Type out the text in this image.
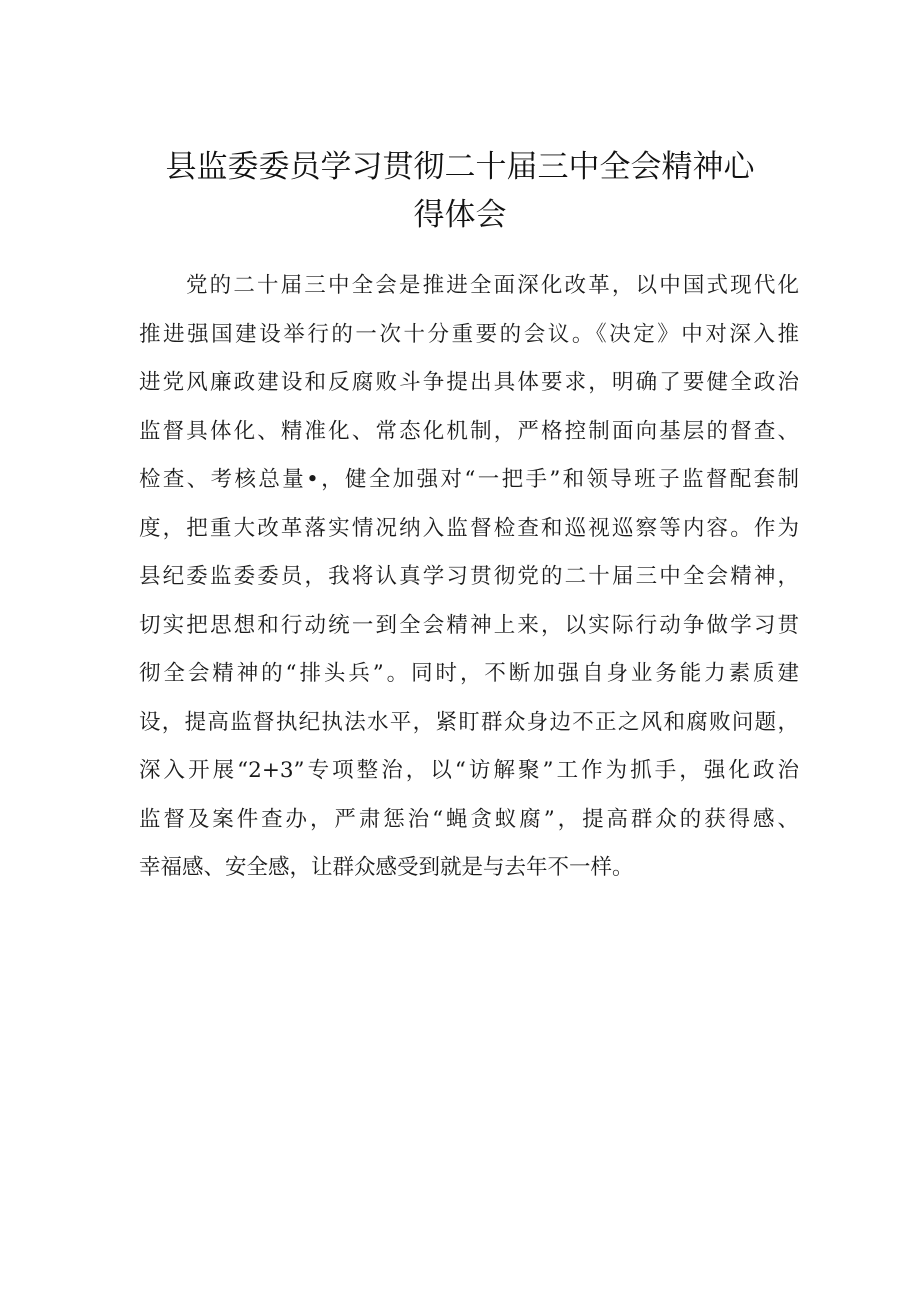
县监委委员学习贯彻二十届三中全会精神心
得体会
党的二十届三中全会是推进全面深化改革，以中国式现代化
推进强国建设举行的一次十分重要的会议。《决定》中对深入推
进党风廉政建设和反腐败斗争提出具体要求，明确了要健全政治
监督具体化、精准化、常态化机制，严格控制面向基层的督查、
检查、考核总量•，健全加强对“一把手”和领导班子监督配套制
度，把重大改革落实情况纳入监督检查和巡视巡察等内容。作为
县纪委监委委员，我将认真学习贯彻党的二十届三中全会精神，
切实把思想和行动统一到全会精神上来，以实际行动争做学习贯
彻全会精神的“排头兵”。同时，不断加强自身业务能力素质建
设，提高监督执纪执法水平，紧盯群众身边不正之风和腐败问题，
深入开展“2+3”专项整治，以“访解聚”工作为抓手，强化政治
监督及案件查办，严肃惩治“蝇贪蚁腐”，提高群众的获得感、
幸福感、安全感，让群众感受到就是与去年不一样。
